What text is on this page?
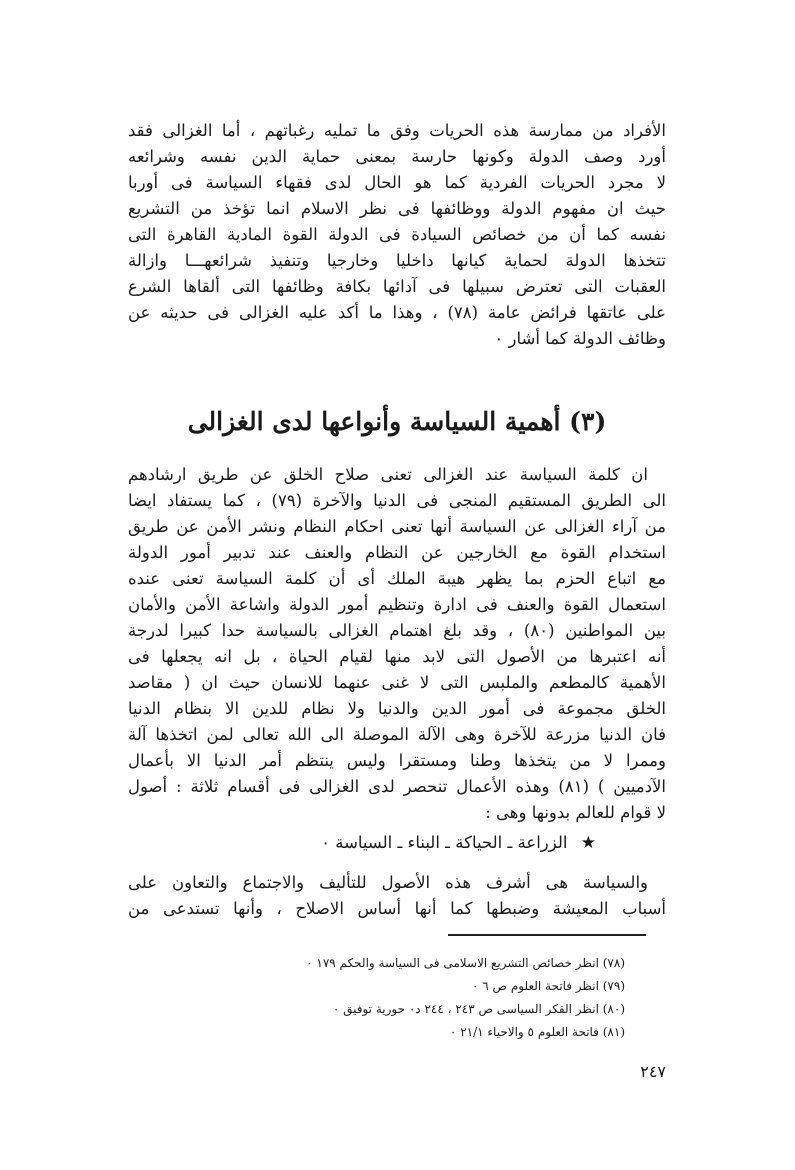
الأفراد من ممارسة هذه الحريات وفق ما تمليه رغباتهم ، أما الغزالى فقد
أورد وصف الدولة وكونها حارسة بمعنى حماية الدين نفسه وشرائعه
لا مجرد الحريات الفردية كما هو الحال لدى فقهاء السياسة فى أوربا
حيث ان مفهوم الدولة ووظائفها فى نظر الاسلام انما تؤخذ من التشريع
نفسه كما أن من خصائص السيادة فى الدولة القوة المادية القاهرة التى
تتخذها الدولة لحماية كيانها داخليا وخارجيا وتنفيذ شرائعهـــا وازالة
العقبات التى تعترض سبيلها فى آدائها بكافة وظائفها التى ألقاها الشرع
على عاتقها فرائض عامة (٧٨) ، وهذا ما أكد عليه الغزالى فى حديثه عن
وظائف الدولة كما أشار ٠
(٣) أهمية السياسة وأنواعها لدى الغزالى
ان كلمة السياسة عند الغزالى تعنى صلاح الخلق عن طريق ارشادهم
الى الطريق المستقيم المنجى فى الدنيا والآخرة (٧٩) ، كما يستفاد ايضا
من آراء الغزالى عن السياسة أنها تعنى احكام النظام ونشر الأمن عن طريق
استخدام القوة مع الخارجين عن النظام والعنف عند تدبير أمور الدولة
مع اتباع الحزم بما يظهر هيبة الملك أى أن كلمة السياسة تعنى عنده
استعمال القوة والعنف فى ادارة وتنظيم أمور الدولة واشاعة الأمن والأمان
بين المواطنين (٨٠) ، وقد بلغ اهتمام الغزالى بالسياسة حدا كبيرا لدرجة
أنه اعتبرها من الأصول التى لابد منها لقيام الحياة ، بل انه يجعلها فى
الأهمية كالمطعم والملبس التى لا غنى عنهما للانسان حيث ان ( مقاصد
الخلق مجموعة فى أمور الدين والدنيا ولا نظام للدين الا بنظام الدنيا
فان الدنيا مزرعة للآخرة وهى الآلة الموصلة الى الله تعالى لمن اتخذها آلة
وممرا لا من يتخذها وطنا ومستقرا وليس ينتظم أمر الدنيا الا بأعمال
الآدميين ) (٨١) وهذه الأعمال تنحصر لدى الغزالى فى أقسام ثلاثة : أصول
لا قوام للعالم بدونها وهى :
★ الزراعة ـ الحياكة ـ البناء ـ السياسة ٠
والسياسة هى أشرف هذه الأصول للتأليف والاجتماع والتعاون على
أسباب المعيشة وضبطها كما أنها أساس الاصلاح ، وأنها تستدعى من
(٧٨) انظر خصائص التشريع الاسلامى فى السياسة والحكم ١٧٩ ٠
(٧٩) انظر فاتحة العلوم ص ٦ ٠
(٨٠) انظر الفكر السياسى ص ٢٤٣ ، ٢٤٤ د٠ حورية توفيق ٠
(٨١) فاتحة العلوم ٥ والاحياء ٢١/١ ٠
٢٤٧
